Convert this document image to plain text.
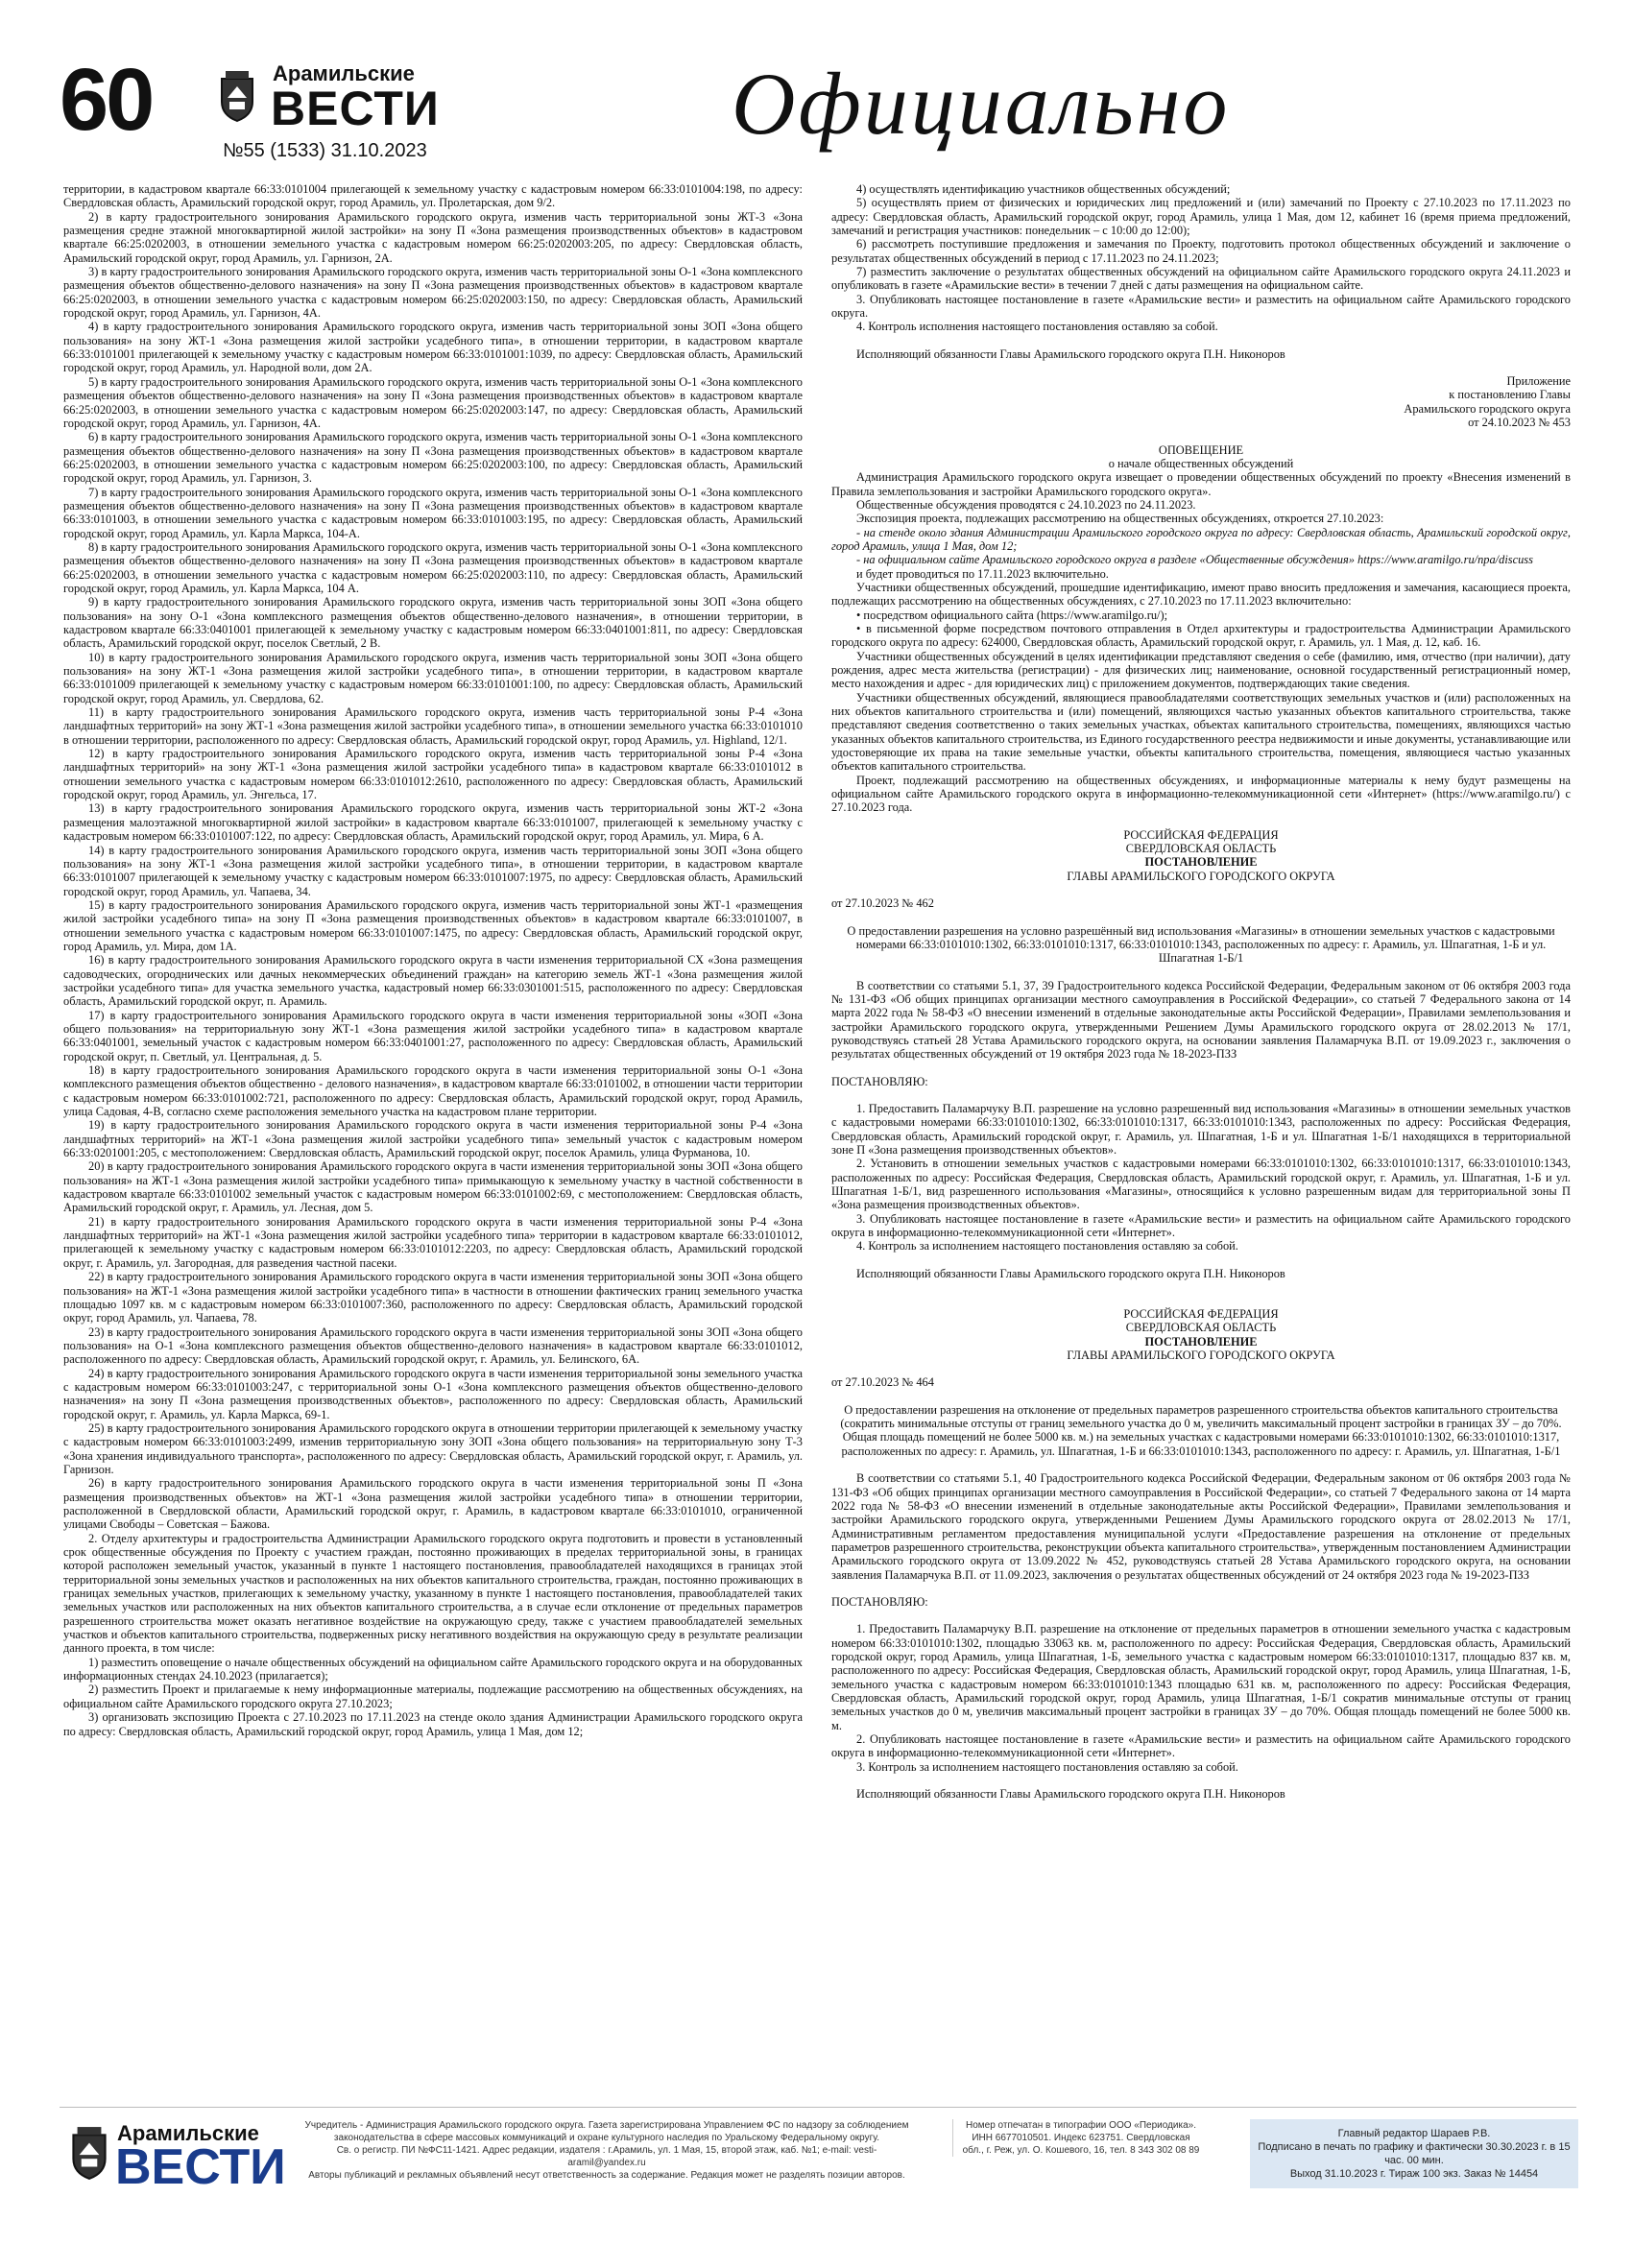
60	Арамильские
ВЕСТИ
№55 (1533) 31.10.2023	Официально

территории, в кадастровом квартале 66:33:0101004 прилегающей к земельному участку с кадастровым номером 66:33:0101004:198, по адресу: Свердловская область, Арамильский городской округ, город Арамиль, ул. Пролетарская, дом 9/2.

2) в карту градостроительного зонирования Арамильского городского округа, изменив часть территориальной зоны ЖТ-3 «Зона размещения средне этажной многоквартирной жилой застройки» на зону П «Зона размещения производственных объектов» в кадастровом квартале 66:25:0202003, в отношении земельного участка с кадастровым номером 66:25:0202003:205, по адресу: Свердловская область, Арамильский городской округ, город Арамиль, ул. Гарнизон, 2А.

3) в карту градостроительного зонирования Арамильского городского округа, изменив часть территориальной зоны О-1 «Зона комплексного размещения объектов общественно-делового назначения» на зону П «Зона размещения производственных объектов» в кадастровом квартале 66:25:0202003, в отношении земельного участка с кадастровым номером 66:25:0202003:150, по адресу: Свердловская область, Арамильский городской округ, город Арамиль, ул. Гарнизон, 4А.

4) в карту градостроительного зонирования Арамильского городского округа, изменив часть территориальной зоны ЗОП «Зона общего пользования» на зону ЖТ-1 «Зона размещения жилой застройки усадебного типа», в отношении территории, в кадастровом квартале 66:33:0101001 прилегающей к земельному участку с кадастровым номером 66:33:0101001:1039, по адресу: Свердловская область, Арамильский городской округ, город Арамиль, ул. Народной воли, дом 2А.

5) в карту градостроительного зонирования Арамильского городского округа, изменив часть территориальной зоны О-1 «Зона комплексного размещения объектов общественно-делового назначения» на зону П «Зона размещения производственных объектов» в кадастровом квартале 66:25:0202003, в отношении земельного участка с кадастровым номером 66:25:0202003:147, по адресу: Свердловская область, Арамильский городской округ, город Арамиль, ул. Гарнизон, 4А.

6) в карту градостроительного зонирования Арамильского городского округа, изменив часть территориальной зоны О-1 «Зона комплексного размещения объектов общественно-делового назначения» на зону П «Зона размещения производственных объектов» в кадастровом квартале 66:25:0202003, в отношении земельного участка с кадастровым номером 66:25:0202003:100, по адресу: Свердловская область, Арамильский городской округ, город Арамиль, ул. Гарнизон, 3.

7) в карту градостроительного зонирования Арамильского городского округа, изменив часть территориальной зоны О-1 «Зона комплексного размещения объектов общественно-делового назначения» на зону П «Зона размещения производственных объектов» в кадастровом квартале 66:33:0101003, в отношении земельного участка с кадастровым номером 66:33:0101003:195, по адресу: Свердловская область, Арамильский городской округ, город Арамиль, ул. Карла Маркса, 104-А.

8) в карту градостроительного зонирования Арамильского городского округа, изменив часть территориальной зоны О-1 «Зона комплексного размещения объектов общественно-делового назначения» на зону П «Зона размещения производственных объектов» в кадастровом квартале 66:25:0202003, в отношении земельного участка с кадастровым номером 66:25:0202003:110, по адресу: Свердловская область, Арамильский городской округ, город Арамиль, ул. Карла Маркса, 104 А.

9) в карту градостроительного зонирования Арамильского городского округа, изменив часть территориальной зоны ЗОП «Зона общего пользования» на зону О-1 «Зона комплексного размещения объектов общественно-делового назначения», в отношении территории, в кадастровом квартале 66:33:0401001 прилегающей к земельному участку с кадастровым номером 66:33:0401001:811, по адресу: Свердловская область, Арамильский городской округ, поселок Светлый, 2 В.

10) в карту градостроительного зонирования Арамильского городского округа, изменив часть территориальной зоны ЗОП «Зона общего пользования» на зону ЖТ-1 «Зона размещения жилой застройки усадебного типа», в отношении территории, в кадастровом квартале 66:33:0101009 прилегающей к земельному участку с кадастровым номером 66:33:0101001:100, по адресу: Свердловская область, Арамильский городской округ, город Арамиль, ул. Свердлова, 62.

11) в карту градостроительного зонирования Арамильского городского округа, изменив часть территориальной зоны Р-4 «Зона ландшафтных территорий» на зону ЖТ-1 «Зона размещения жилой застройки усадебного типа», в отношении земельного участка 66:33:0101010 в отношении территории, расположенного по адресу: Свердловская область, Арамильский городской округ, город Арамиль, ул. Highland, 12/1.

12) в карту градостроительного зонирования Арамильского городского округа, изменив часть территориальной зоны Р-4 «Зона ландшафтных территорий» на зону ЖТ-1 «Зона размещения жилой застройки усадебного типа» в кадастровом квартале 66:33:0101012 в отношении земельного участка с кадастровым номером 66:33:0101012:2610, расположенного по адресу: Свердловская область, Арамильский городской округ, город Арамиль, ул. Энгельса, 17.

13) в карту градостроительного зонирования Арамильского городского округа, изменив часть территориальной зоны ЖТ-2 «Зона размещения малоэтажной многоквартирной жилой застройки» в кадастровом квартале 66:33:0101007, прилегающей к земельному участку с кадастровым номером 66:33:0101007:122, по адресу: Свердловская область, Арамильский городской округ, город Арамиль, ул. Мира, 6 А.

14) в карту градостроительного зонирования Арамильского городского округа, изменив часть территориальной зоны ЗОП «Зона общего пользования» на зону ЖТ-1 «Зона размещения жилой застройки усадебного типа», в отношении территории, в кадастровом квартале 66:33:0101007 прилегающей к земельному участку с кадастровым номером 66:33:0101007:1975, по адресу: Свердловская область, Арамильский городской округ, город Арамиль, ул. Чапаева, 34.

15) в карту градостроительного зонирования Арамильского городского округа, изменив часть территориальной зоны ЖТ-1 «размещения жилой застройки усадебного типа» на зону П «Зона размещения производственных объектов» в кадастровом квартале 66:33:0101007, в отношении земельного участка с кадастровым номером 66:33:0101007:1475, по адресу: Свердловская область, Арамильский городской округ, город Арамиль, ул. Мира, дом 1А.

16) в карту градостроительного зонирования Арамильского городского округа в части изменения территориальной СХ «Зона размещения садоводческих, огороднических или дачных некоммерческих объединений граждан» на категорию земель ЖТ-1 «Зона размещения жилой застройки усадебного типа» для участка земельного участка, кадастровый номер 66:33:0301001:515, расположенного по адресу: Свердловская область, Арамильский городской округ, п. Арамиль.

17) в карту градостроительного зонирования Арамильского городского округа в части изменения территориальной зоны «ЗОП «Зона общего пользования» на территориальную зону ЖТ-1 «Зона размещения жилой застройки усадебного типа» в кадастровом квартале 66:33:0401001, земельный участок с кадастровым номером 66:33:0401001:27, расположенного по адресу: Свердловская область, Арамильский городской округ, п. Светлый, ул. Центральная, д. 5.

18) в карту градостроительного зонирования Арамильского городского округа в части изменения территориальной зоны О-1 «Зона комплексного размещения объектов общественно - делового назначения», в кадастровом квартале 66:33:0101002, в отношении части территории с кадастровым номером 66:33:0101002:721, расположенного по адресу: Свердловская область, Арамильский городской округ, город Арамиль, улица Садовая, 4-В, согласно схеме расположения земельного участка на кадастровом плане территории.

19) в карту градостроительного зонирования Арамильского городского округа в части изменения территориальной зоны Р-4 «Зона ландшафтных территорий» на ЖТ-1 «Зона размещения жилой застройки усадебного типа» земельный участок с кадастровым номером 66:33:0201001:205, с местоположением: Свердловская область, Арамильский городской округ, поселок Арамиль, улица Фурманова, 10.

20) в карту градостроительного зонирования Арамильского городского округа в части изменения территориальной зоны ЗОП «Зона общего пользования» на ЖТ-1 «Зона размещения жилой застройки усадебного типа» примыкающую к земельному участку в частной собственности в кадастровом квартале 66:33:0101002 земельный участок с кадастровым номером 66:33:0101002:69, с местоположением: Свердловская область, Арамильский городской округ, г. Арамиль, ул. Лесная, дом 5.

21) в карту градостроительного зонирования Арамильского городского округа в части изменения территориальной зоны Р-4 «Зона ландшафтных территорий» на ЖТ-1 «Зона размещения жилой застройки усадебного типа» территории в кадастровом квартале 66:33:0101012, прилегающей к земельному участку с кадастровым номером 66:33:0101012:2203, по адресу: Свердловская область, Арамильский городской округ, г. Арамиль, ул. Загородная, для разведения частной пасеки.

22) в карту градостроительного зонирования Арамильского городского округа в части изменения территориальной зоны ЗОП «Зона общего пользования» на ЖТ-1 «Зона размещения жилой застройки усадебного типа» в частности в отношении фактических границ земельного участка площадью 1097 кв. м с кадастровым номером 66:33:0101007:360, расположенного по адресу: Свердловская область, Арамильский городской округ, город Арамиль, ул. Чапаева, 78.

23) в карту градостроительного зонирования Арамильского городского округа в части изменения территориальной зоны ЗОП «Зона общего пользования» на О-1 «Зона комплексного размещения объектов общественно-делового назначения» в кадастровом квартале 66:33:0101012, расположенного по адресу: Свердловская область, Арамильский городской округ, г. Арамиль, ул. Белинского, 6А.

24) в карту градостроительного зонирования Арамильского городского округа в части изменения территориальной зоны земельного участка с кадастровым номером 66:33:0101003:247, с территориальной зоны О-1 «Зона комплексного размещения объектов общественно-делового назначения» на зону П «Зона размещения производственных объектов», расположенного по адресу: Свердловская область, Арамильский городской округ, г. Арамиль, ул. Карла Маркса, 69-1.

25) в карту градостроительного зонирования Арамильского городского округа в отношении территории прилегающей к земельному участку с кадастровым номером 66:33:0101003:2499, изменив территориальную зону ЗОП «Зона общего пользования» на территориальную зону Т-3 «Зона хранения индивидуального транспорта», расположенного по адресу: Свердловская область, Арамильский городской округ, г. Арамиль, ул. Гарнизон.

26) в карту градостроительного зонирования Арамильского городского округа в части изменения территориальной зоны П «Зона размещения производственных объектов» на ЖТ-1 «Зона размещения жилой застройки усадебного типа» в отношении территории, расположенной в Свердловской области, Арамильский городской округ, г. Арамиль, в кадастровом квартале 66:33:0101010, ограниченной улицами Свободы – Советская – Бажова.

2. Отделу архитектуры и градостроительства Администрации Арамильского городского округа подготовить и провести в установленный срок общественные обсуждения по Проекту с участием граждан, постоянно проживающих в пределах территориальной зоны, в границах которой расположен земельный участок, указанный в пункте 1 настоящего постановления, правообладателей находящихся в границах этой территориальной зоны земельных участков и расположенных на них объектов капитального строительства, граждан, постоянно проживающих в границах земельных участков, прилегающих к земельному участку, указанному в пункте 1 настоящего постановления, правообладателей таких земельных участков или расположенных на них объектов капитального строительства, а в случае если отклонение от предельных параметров разрешенного строительства может оказать негативное воздействие на окружающую среду, также с участием правообладателей земельных участков и объектов капитального строительства, подверженных риску негативного воздействия на окружающую среду в результате реализации данного проекта, в том числе:

1) разместить оповещение о начале общественных обсуждений на официальном сайте Арамильского городского округа и на оборудованных информационных стендах 24.10.2023 (прилагается);

2) разместить Проект и прилагаемые к нему информационные материалы, подлежащие рассмотрению на общественных обсуждениях, на официальном сайте Арамильского городского округа 27.10.2023;

3) организовать экспозицию Проекта с 27.10.2023 по 17.11.2023 на стенде около здания Администрации Арамильского городского округа по адресу: Свердловская область, Арамильский городской округ, город Арамиль, улица 1 Мая, дом 12;

4) осуществлять идентификацию участников общественных обсуждений;

5) осуществлять прием от физических и юридических лиц предложений и (или) замечаний по Проекту с 27.10.2023 по 17.11.2023 по адресу: Свердловская область, Арамильский городской округ, город Арамиль, улица 1 Мая, дом 12, кабинет 16 (время приема предложений, замечаний и регистрация участников: понедельник – с 10:00 до 12:00);

6) рассмотреть поступившие предложения и замечания по Проекту, подготовить протокол общественных обсуждений и заключение о результатах общественных обсуждений в период с 17.11.2023 по 24.11.2023;

7) разместить заключение о результатах общественных обсуждений на официальном сайте Арамильского городского округа 24.11.2023 и опубликовать в газете «Арамильские вести» в течении 7 дней с даты размещения на официальном сайте.

3. Опубликовать настоящее постановление в газете «Арамильские вести» и разместить на официальном сайте Арамильского городского округа.

4. Контроль исполнения настоящего постановления оставляю за собой.

Исполняющий обязанности Главы Арамильского городского округа П.Н. Никоноров

Приложение

к постановлению Главы

Арамильского городского округа

от 24.10.2023 № 453

ОПОВЕЩЕНИЕ

о начале общественных обсуждений

Администрация Арамильского городского округа извещает о проведении общественных обсуждений по проекту «Внесения изменений в Правила землепользования и застройки Арамильского городского округа».

Общественные обсуждения проводятся с 24.10.2023 по 24.11.2023.

Экспозиция проекта, подлежащих рассмотрению на общественных обсуждениях, откроется 27.10.2023:

- на стенде около здания Администрации Арамильского городского округа по адресу: Свердловская область, Арамильский городской округ, город Арамиль, улица 1 Мая, дом 12;

- на официальном сайте Арамильского городского округа в разделе «Общественные обсуждения» https://www.aramilgo.ru/npa/discuss

и будет проводиться по 17.11.2023 включительно.

Участники общественных обсуждений, прошедшие идентификацию, имеют право вносить предложения и замечания, касающиеся проекта, подлежащих рассмотрению на общественных обсуждениях, с 27.10.2023 по 17.11.2023 включительно:

• посредством официального сайта (https://www.aramilgo.ru/);

• в письменной форме посредством почтового отправления в Отдел архитектуры и градостроительства Администрации Арамильского городского округа по адресу: 624000, Свердловская область, Арамильский городской округ, г. Арамиль, ул. 1 Мая, д. 12, каб. 16.

Участники общественных обсуждений в целях идентификации представляют сведения о себе (фамилию, имя, отчество (при наличии), дату рождения, адрес места жительства (регистрации) - для физических лиц; наименование, основной государственный регистрационный номер, место нахождения и адрес - для юридических лиц) с приложением документов, подтверждающих такие сведения.

Участники общественных обсуждений, являющиеся правообладателями соответствующих земельных участков и (или) расположенных на них объектов капитального строительства и (или) помещений, являющихся частью указанных объектов капитального строительства, также представляют сведения соответственно о таких земельных участках, объектах капитального строительства, помещениях, являющихся частью указанных объектов капитального строительства, из Единого государственного реестра недвижимости и иные документы, устанавливающие или удостоверяющие их права на такие земельные участки, объекты капитального строительства, помещения, являющиеся частью указанных объектов капитального строительства.

Проект, подлежащий рассмотрению на общественных обсуждениях, и информационные материалы к нему будут размещены на официальном сайте Арамильского городского округа в информационно-телекоммуникационной сети «Интернет» (https://www.aramilgo.ru/) с 27.10.2023 года.

РОССИЙСКАЯ ФЕДЕРАЦИЯ

СВЕРДЛОВСКАЯ ОБЛАСТЬ

ПОСТАНОВЛЕНИЕ

ГЛАВЫ АРАМИЛЬСКОГО ГОРОДСКОГО ОКРУГА

от 27.10.2023 № 462

О предоставлении разрешения на условно разрешённый вид использования «Магазины» в отношении земельных участков с кадастровыми номерами 66:33:0101010:1302, 66:33:0101010:1317, 66:33:0101010:1343, расположенных по адресу: г. Арамиль, ул. Шпагатная, 1-Б и ул. Шпагатная 1-Б/1

В соответствии со статьями 5.1, 37, 39 Градостроительного кодекса Российской Федерации, Федеральным законом от 06 октября 2003 года № 131-ФЗ «Об общих принципах организации местного самоуправления в Российской Федерации», со статьей 7 Федерального закона от 14 марта 2022 года № 58-ФЗ «О внесении изменений в отдельные законодательные акты Российской Федерации», Правилами землепользования и застройки Арамильского городского округа, утвержденными Решением Думы Арамильского городского округа от 28.02.2013 № 17/1, руководствуясь статьей 28 Устава Арамильского городского округа, на основании заявления Паламарчука В.П. от 19.09.2023 г., заключения о результатах общественных обсуждений от 19 октября 2023 года № 18-2023-ПЗЗ

ПОСТАНОВЛЯЮ:

1. Предоставить Паламарчуку В.П. разрешение на условно разрешенный вид использования «Магазины» в отношении земельных участков с кадастровыми номерами 66:33:0101010:1302, 66:33:0101010:1317, 66:33:0101010:1343, расположенных по адресу: Российская Федерация, Свердловская область, Арамильский городской округ, г. Арамиль, ул. Шпагатная, 1-Б и ул. Шпагатная 1-Б/1 находящихся в территориальной зоне П «Зона размещения производственных объектов».

2. Установить в отношении земельных участков с кадастровыми номерами 66:33:0101010:1302, 66:33:0101010:1317, 66:33:0101010:1343, расположенных по адресу: Российская Федерация, Свердловская область, Арамильский городской округ, г. Арамиль, ул. Шпагатная, 1-Б и ул. Шпагатная 1-Б/1, вид разрешенного использования «Магазины», относящийся к условно разрешенным видам для территориальной зоны П «Зона размещения производственных объектов».

3. Опубликовать настоящее постановление в газете «Арамильские вести» и разместить на официальном сайте Арамильского городского округа в информационно-телекоммуникационной сети «Интернет».

4. Контроль за исполнением настоящего постановления оставляю за собой.

Исполняющий обязанности Главы Арамильского городского округа П.Н. Никоноров

РОССИЙСКАЯ ФЕДЕРАЦИЯ

СВЕРДЛОВСКАЯ ОБЛАСТЬ

ПОСТАНОВЛЕНИЕ

ГЛАВЫ АРАМИЛЬСКОГО ГОРОДСКОГО ОКРУГА

от 27.10.2023 № 464

О предоставлении разрешения на отклонение от предельных параметров разрешенного строительства объектов капитального строительства (сократить минимальные отступы от границ земельного участка до 0 м, увеличить максимальный процент застройки в границах ЗУ – до 70%. Общая площадь помещений не более 5000 кв. м.) на земельных участках с кадастровыми номерами 66:33:0101010:1302, 66:33:0101010:1317, расположенных по адресу: г. Арамиль, ул. Шпагатная, 1-Б и 66:33:0101010:1343, расположенного по адресу: г. Арамиль, ул. Шпагатная, 1-Б/1

В соответствии со статьями 5.1, 40 Градостроительного кодекса Российской Федерации, Федеральным законом от 06 октября 2003 года № 131-ФЗ «Об общих принципах организации местного самоуправления в Российской Федерации», со статьей 7 Федерального закона от 14 марта 2022 года № 58-ФЗ «О внесении изменений в отдельные законодательные акты Российской Федерации», Правилами землепользования и застройки Арамильского городского округа, утвержденными Решением Думы Арамильского городского округа от 28.02.2013 № 17/1, Административным регламентом предоставления муниципальной услуги «Предоставление разрешения на отклонение от предельных параметров разрешенного строительства, реконструкции объекта капитального строительства», утвержденным постановлением Администрации Арамильского городского округа от 13.09.2022 № 452, руководствуясь статьей 28 Устава Арамильского городского округа, на основании заявления Паламарчука В.П. от 11.09.2023, заключения о результатах общественных обсуждений от 24 октября 2023 года № 19-2023-ПЗЗ

ПОСТАНОВЛЯЮ:

1. Предоставить Паламарчуку В.П. разрешение на отклонение от предельных параметров в отношении земельного участка с кадастровым номером 66:33:0101010:1302, площадью 33063 кв. м, расположенного по адресу: Российская Федерация, Свердловская область, Арамильский городской округ, город Арамиль, улица Шпагатная, 1-Б, земельного участка с кадастровым номером 66:33:0101010:1317, площадью 837 кв. м, расположенного по адресу: Российская Федерация, Свердловская область, Арамильский городской округ, город Арамиль, улица Шпагатная, 1-Б, земельного участка с кадастровым номером 66:33:0101010:1343 площадью 631 кв. м, расположенного по адресу: Российская Федерация, Свердловская область, Арамильский городской округ, город Арамиль, улица Шпагатная, 1-Б/1 сократив минимальные отступы от границ земельных участков до 0 м, увеличив максимальный процент застройки в границах ЗУ – до 70%. Общая площадь помещений не более 5000 кв. м.

2. Опубликовать настоящее постановление в газете «Арамильские вести» и разместить на официальном сайте Арамильского городского округа в информационно-телекоммуникационной сети «Интернет».

3. Контроль за исполнением настоящего постановления оставляю за собой.

Исполняющий обязанности Главы Арамильского городского округа П.Н. Никоноров

Арамильские
ВЕСТИ
Учредитель - Администрация Арамильского городского округа. Газета зарегистрирована Управлением ФС по надзору за соблюдением законодательства в сфере массовых коммуникаций и охране культурного наследия по Уральскому Федеральному округу.
Св. о регистр. ПИ №ФС11-1421. Адрес редакции, издателя : г.Арамиль, ул. 1 Мая, 15, второй этаж, каб. №1; e-mail: vesti-aramil@yandex.ru
Авторы публикаций и рекламных объявлений несут ответственность за содержание. Редакция может не разделять позиции авторов.
Номер отпечатан в типографии ООО «Периодика». ИНН 6677010501. Индекс 623751. Свердловская обл., г. Реж, ул. О. Кошевого, 16, тел. 8 343 302 08 89
Главный редактор Шараев Р.В.
Подписано в печать по графику и фактически 30.30.2023 г. в 15 час. 00 мин.
Выход 31.10.2023 г. Тираж 100 экз. Заказ № 14454
